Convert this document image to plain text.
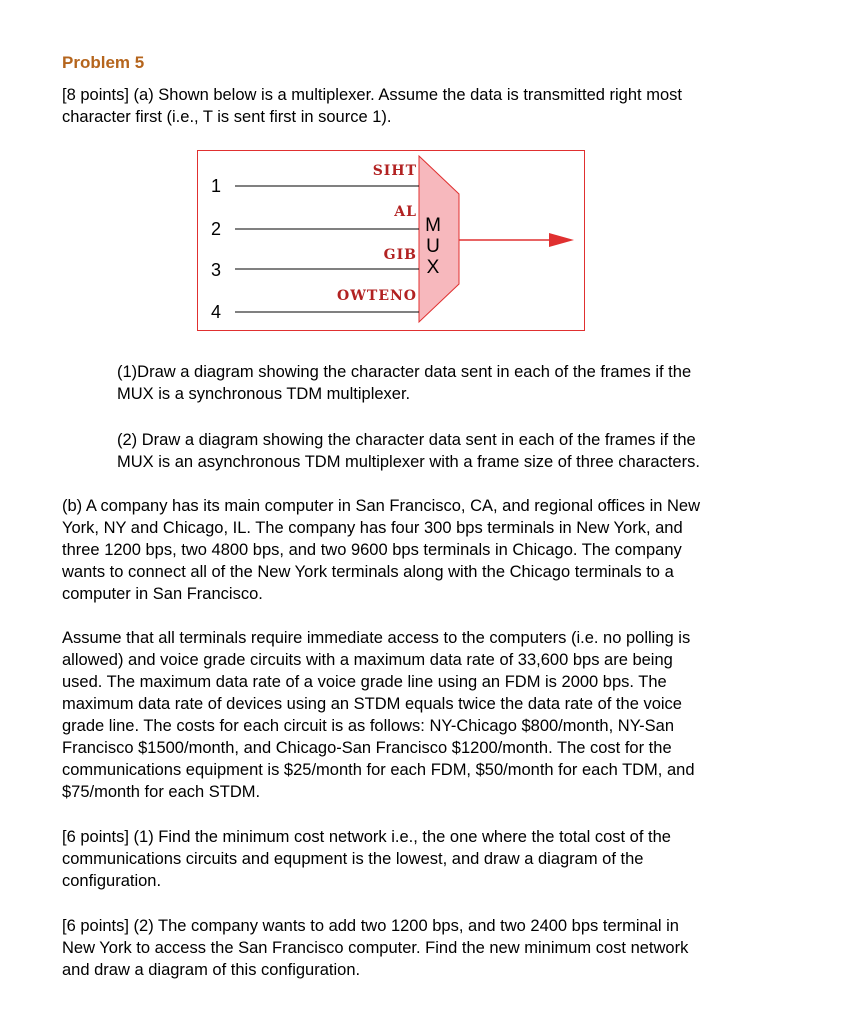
Problem 5

[8 points] (a) Shown below is a multiplexer. Assume the data is transmitted right most
character first (i.e., T is sent first in source 1).

1
2
3
4
SIHT
AL
GIB
OWTENO
M
U
X

(1)Draw a diagram showing the character data sent in each of the frames if the
MUX is a synchronous TDM multiplexer.

(2) Draw a diagram showing the character data sent in each of the frames if the
MUX is an asynchronous TDM multiplexer with a frame size of three characters.

(b) A company has its main computer in San Francisco, CA, and regional offices in New
York, NY and Chicago, IL. The company has four 300 bps terminals in New York, and
three 1200 bps, two 4800 bps, and two 9600 bps terminals in Chicago. The company
wants to connect all of the New York terminals along with the Chicago terminals to a
computer in San Francisco.

Assume that all terminals require immediate access to the computers (i.e. no polling is
allowed) and voice grade circuits with a maximum data rate of 33,600 bps are being
used. The maximum data rate of a voice grade line using an FDM is 2000 bps. The
maximum data rate of devices using an STDM equals twice the data rate of the voice
grade line. The costs for each circuit is as follows: NY-Chicago $800/month, NY-San
Francisco $1500/month, and Chicago-San Francisco $1200/month. The cost for the
communications equipment is $25/month for each FDM, $50/month for each TDM, and
$75/month for each STDM.

[6 points] (1) Find the minimum cost network i.e., the one where the total cost of the
communications circuits and equpment is the lowest, and draw a diagram of the
configuration.

[6 points] (2) The company wants to add two 1200 bps, and two 2400 bps terminal in
New York to access the San Francisco computer. Find the new minimum cost network
and draw a diagram of this configuration.
